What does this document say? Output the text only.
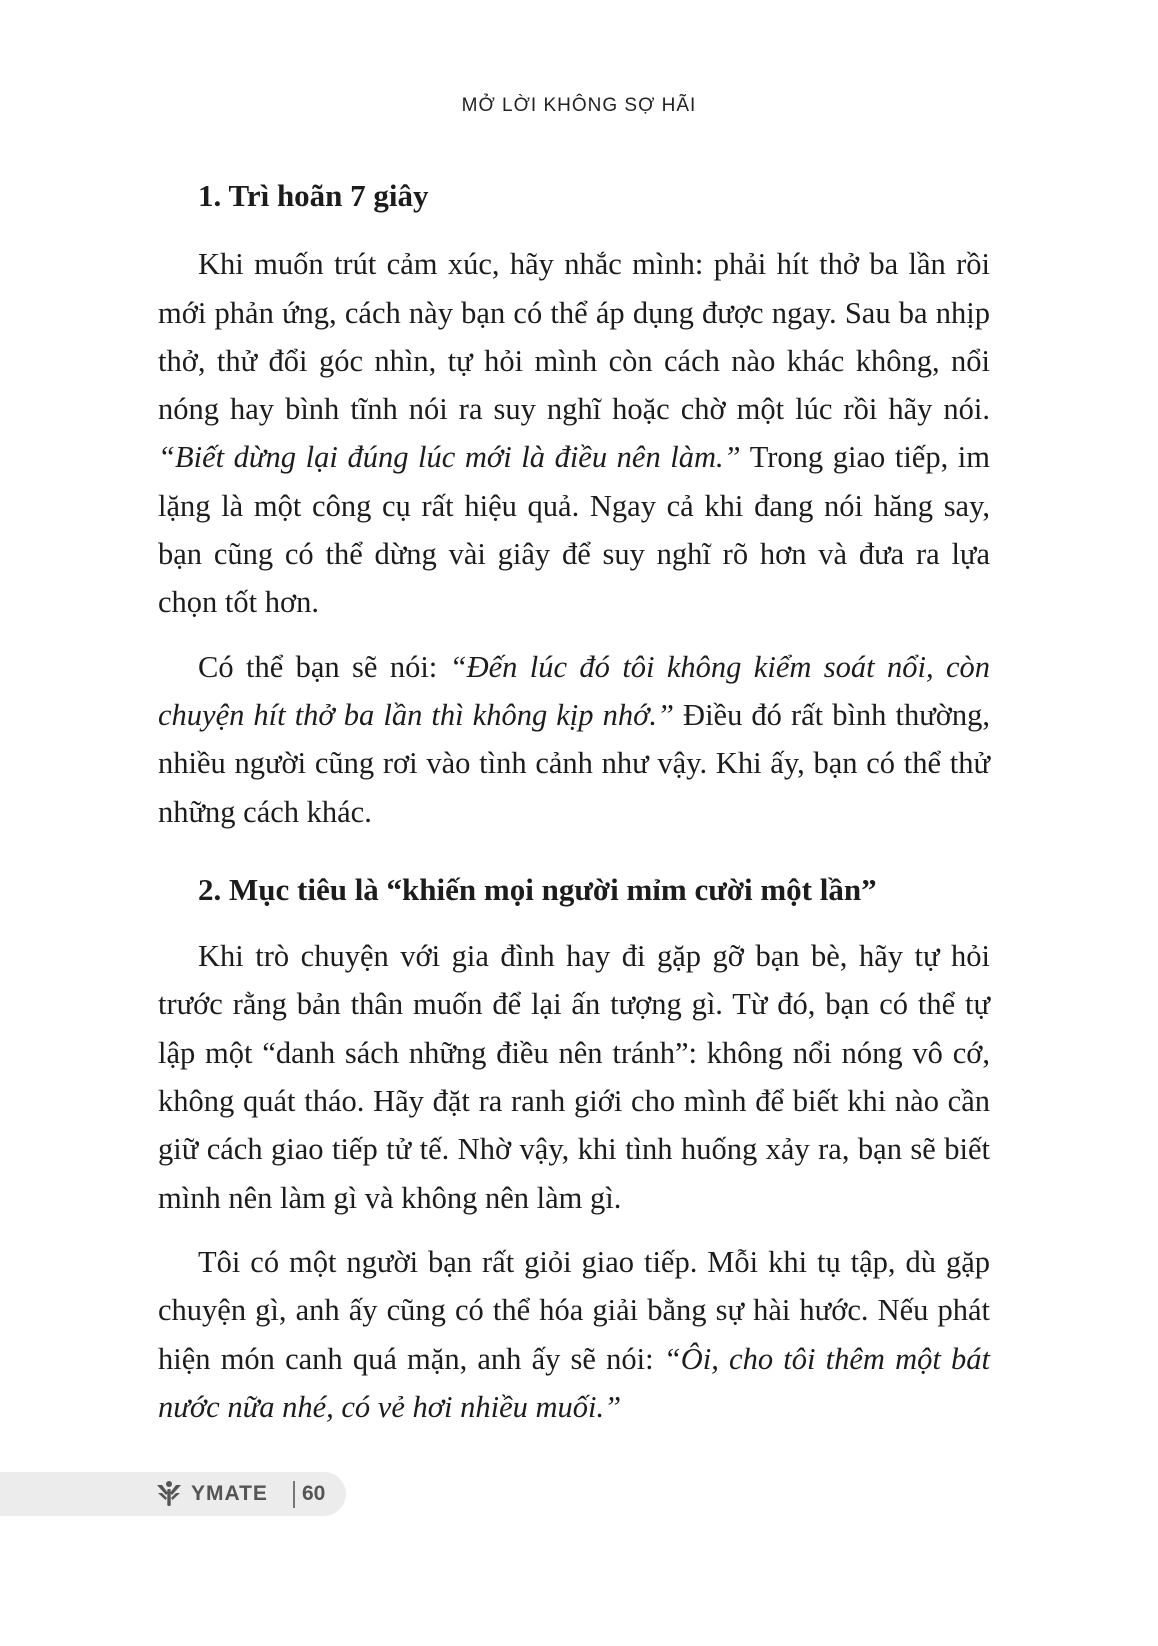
MỞ LỜI KHÔNG SỢ HÃI
1. Trì hoãn 7 giây

Khi muốn trút cảm xúc, hãy nhắc mình: phải hít thở ba lần rồi mới phản ứng, cách này bạn có thể áp dụng được ngay. Sau ba nhịp thở, thử đổi góc nhìn, tự hỏi mình còn cách nào khác không, nổi nóng hay bình tĩnh nói ra suy nghĩ hoặc chờ một lúc rồi hãy nói. “Biết dừng lại đúng lúc mới là điều nên làm.” Trong giao tiếp, im lặng là một công cụ rất hiệu quả. Ngay cả khi đang nói hăng say, bạn cũng có thể dừng vài giây để suy nghĩ rõ hơn và đưa ra lựa chọn tốt hơn.

Có thể bạn sẽ nói: “Đến lúc đó tôi không kiểm soát nổi, còn chuyện hít thở ba lần thì không kịp nhớ.” Điều đó rất bình thường, nhiều người cũng rơi vào tình cảnh như vậy. Khi ấy, bạn có thể thử những cách khác.

2. Mục tiêu là “khiến mọi người mỉm cười một lần”

Khi trò chuyện với gia đình hay đi gặp gỡ bạn bè, hãy tự hỏi trước rằng bản thân muốn để lại ấn tượng gì. Từ đó, bạn có thể tự lập một “danh sách những điều nên tránh”: không nổi nóng vô cớ, không quát tháo. Hãy đặt ra ranh giới cho mình để biết khi nào cần giữ cách giao tiếp tử tế. Nhờ vậy, khi tình huống xảy ra, bạn sẽ biết mình nên làm gì và không nên làm gì.

Tôi có một người bạn rất giỏi giao tiếp. Mỗi khi tụ tập, dù gặp chuyện gì, anh ấy cũng có thể hóa giải bằng sự hài hước. Nếu phát hiện món canh quá mặn, anh ấy sẽ nói: “Ôi, cho tôi thêm một bát nước nữa nhé, có vẻ hơi nhiều muối.”

YMATE 60
